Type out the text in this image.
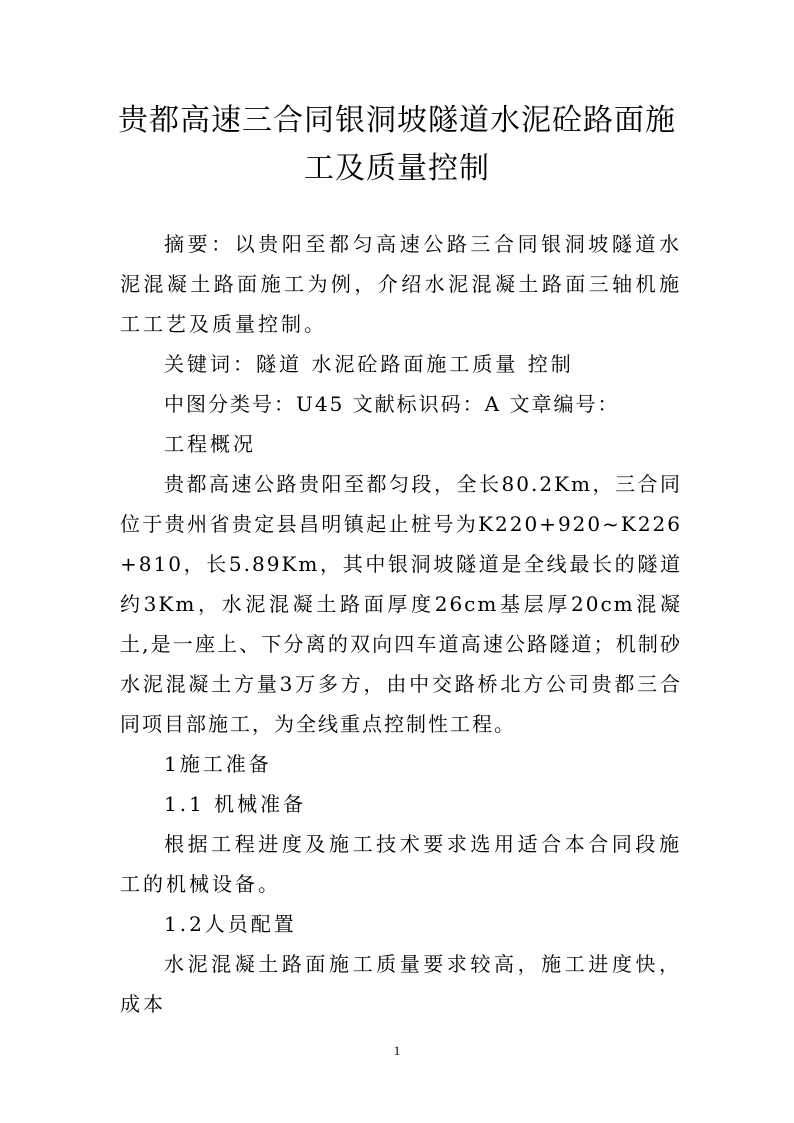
贵都高速三合同银洞坡隧道水泥砼路面施
工及质量控制

摘要：以贵阳至都匀高速公路三合同银洞坡隧道水泥混凝土路面施工为例，介绍水泥混凝土路面三轴机施工工艺及质量控制。

关键词：隧道 水泥砼路面施工质量 控制

中图分类号：U45 文献标识码：A 文章编号：

工程概况

贵都高速公路贵阳至都匀段，全长80.2Km，三合同位于贵州省贵定县昌明镇起止桩号为K220+920~K226+810，长5.89Km，其中银洞坡隧道是全线最长的隧道约3Km，水泥混凝土路面厚度26cm基层厚20cm混凝土,是一座上、下分离的双向四车道高速公路隧道；机制砂水泥混凝土方量3万多方，由中交路桥北方公司贵都三合同项目部施工，为全线重点控制性工程。

1施工准备

1.1 机械准备

根据工程进度及施工技术要求选用适合本合同段施工的机械设备。

1.2人员配置

水泥混凝土路面施工质量要求较高，施工进度快，成本

1
